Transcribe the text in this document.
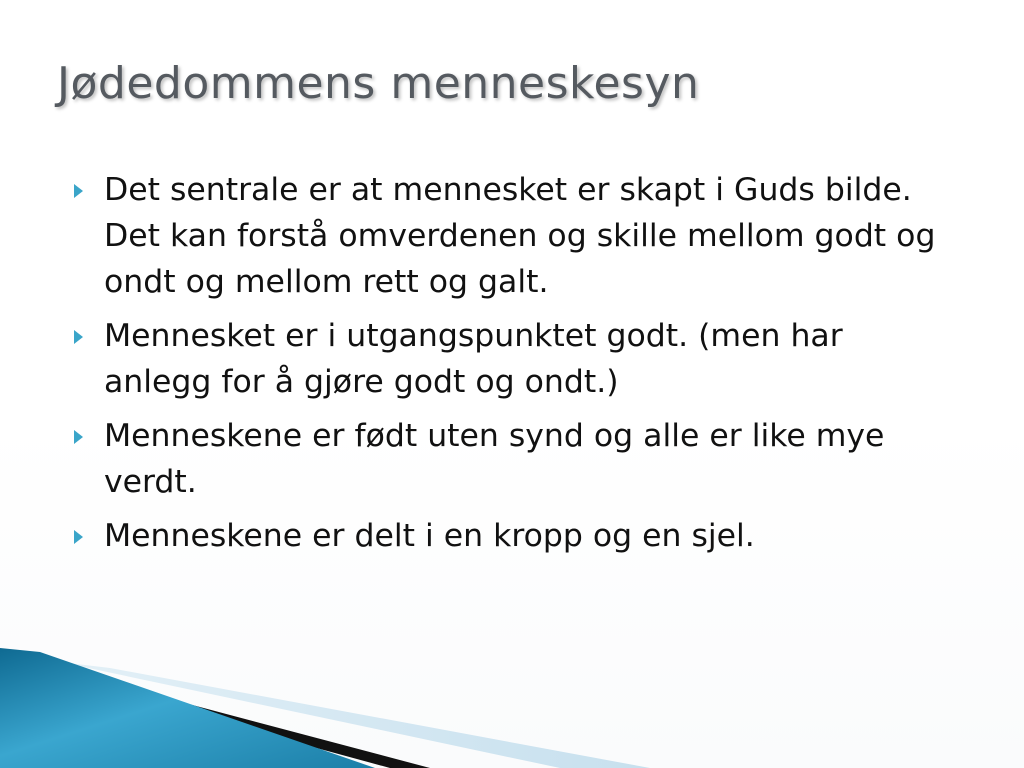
Jødedommens menneskesyn
Det sentrale er at mennesket er skapt i Guds bilde. Det kan forstå omverdenen og skille mellom godt og ondt og mellom rett og galt.
Mennesket er i utgangspunktet godt. (men har anlegg for å gjøre godt og ondt.)
Menneskene er født uten synd og alle er like mye verdt.
Menneskene er delt i en kropp og en sjel.
